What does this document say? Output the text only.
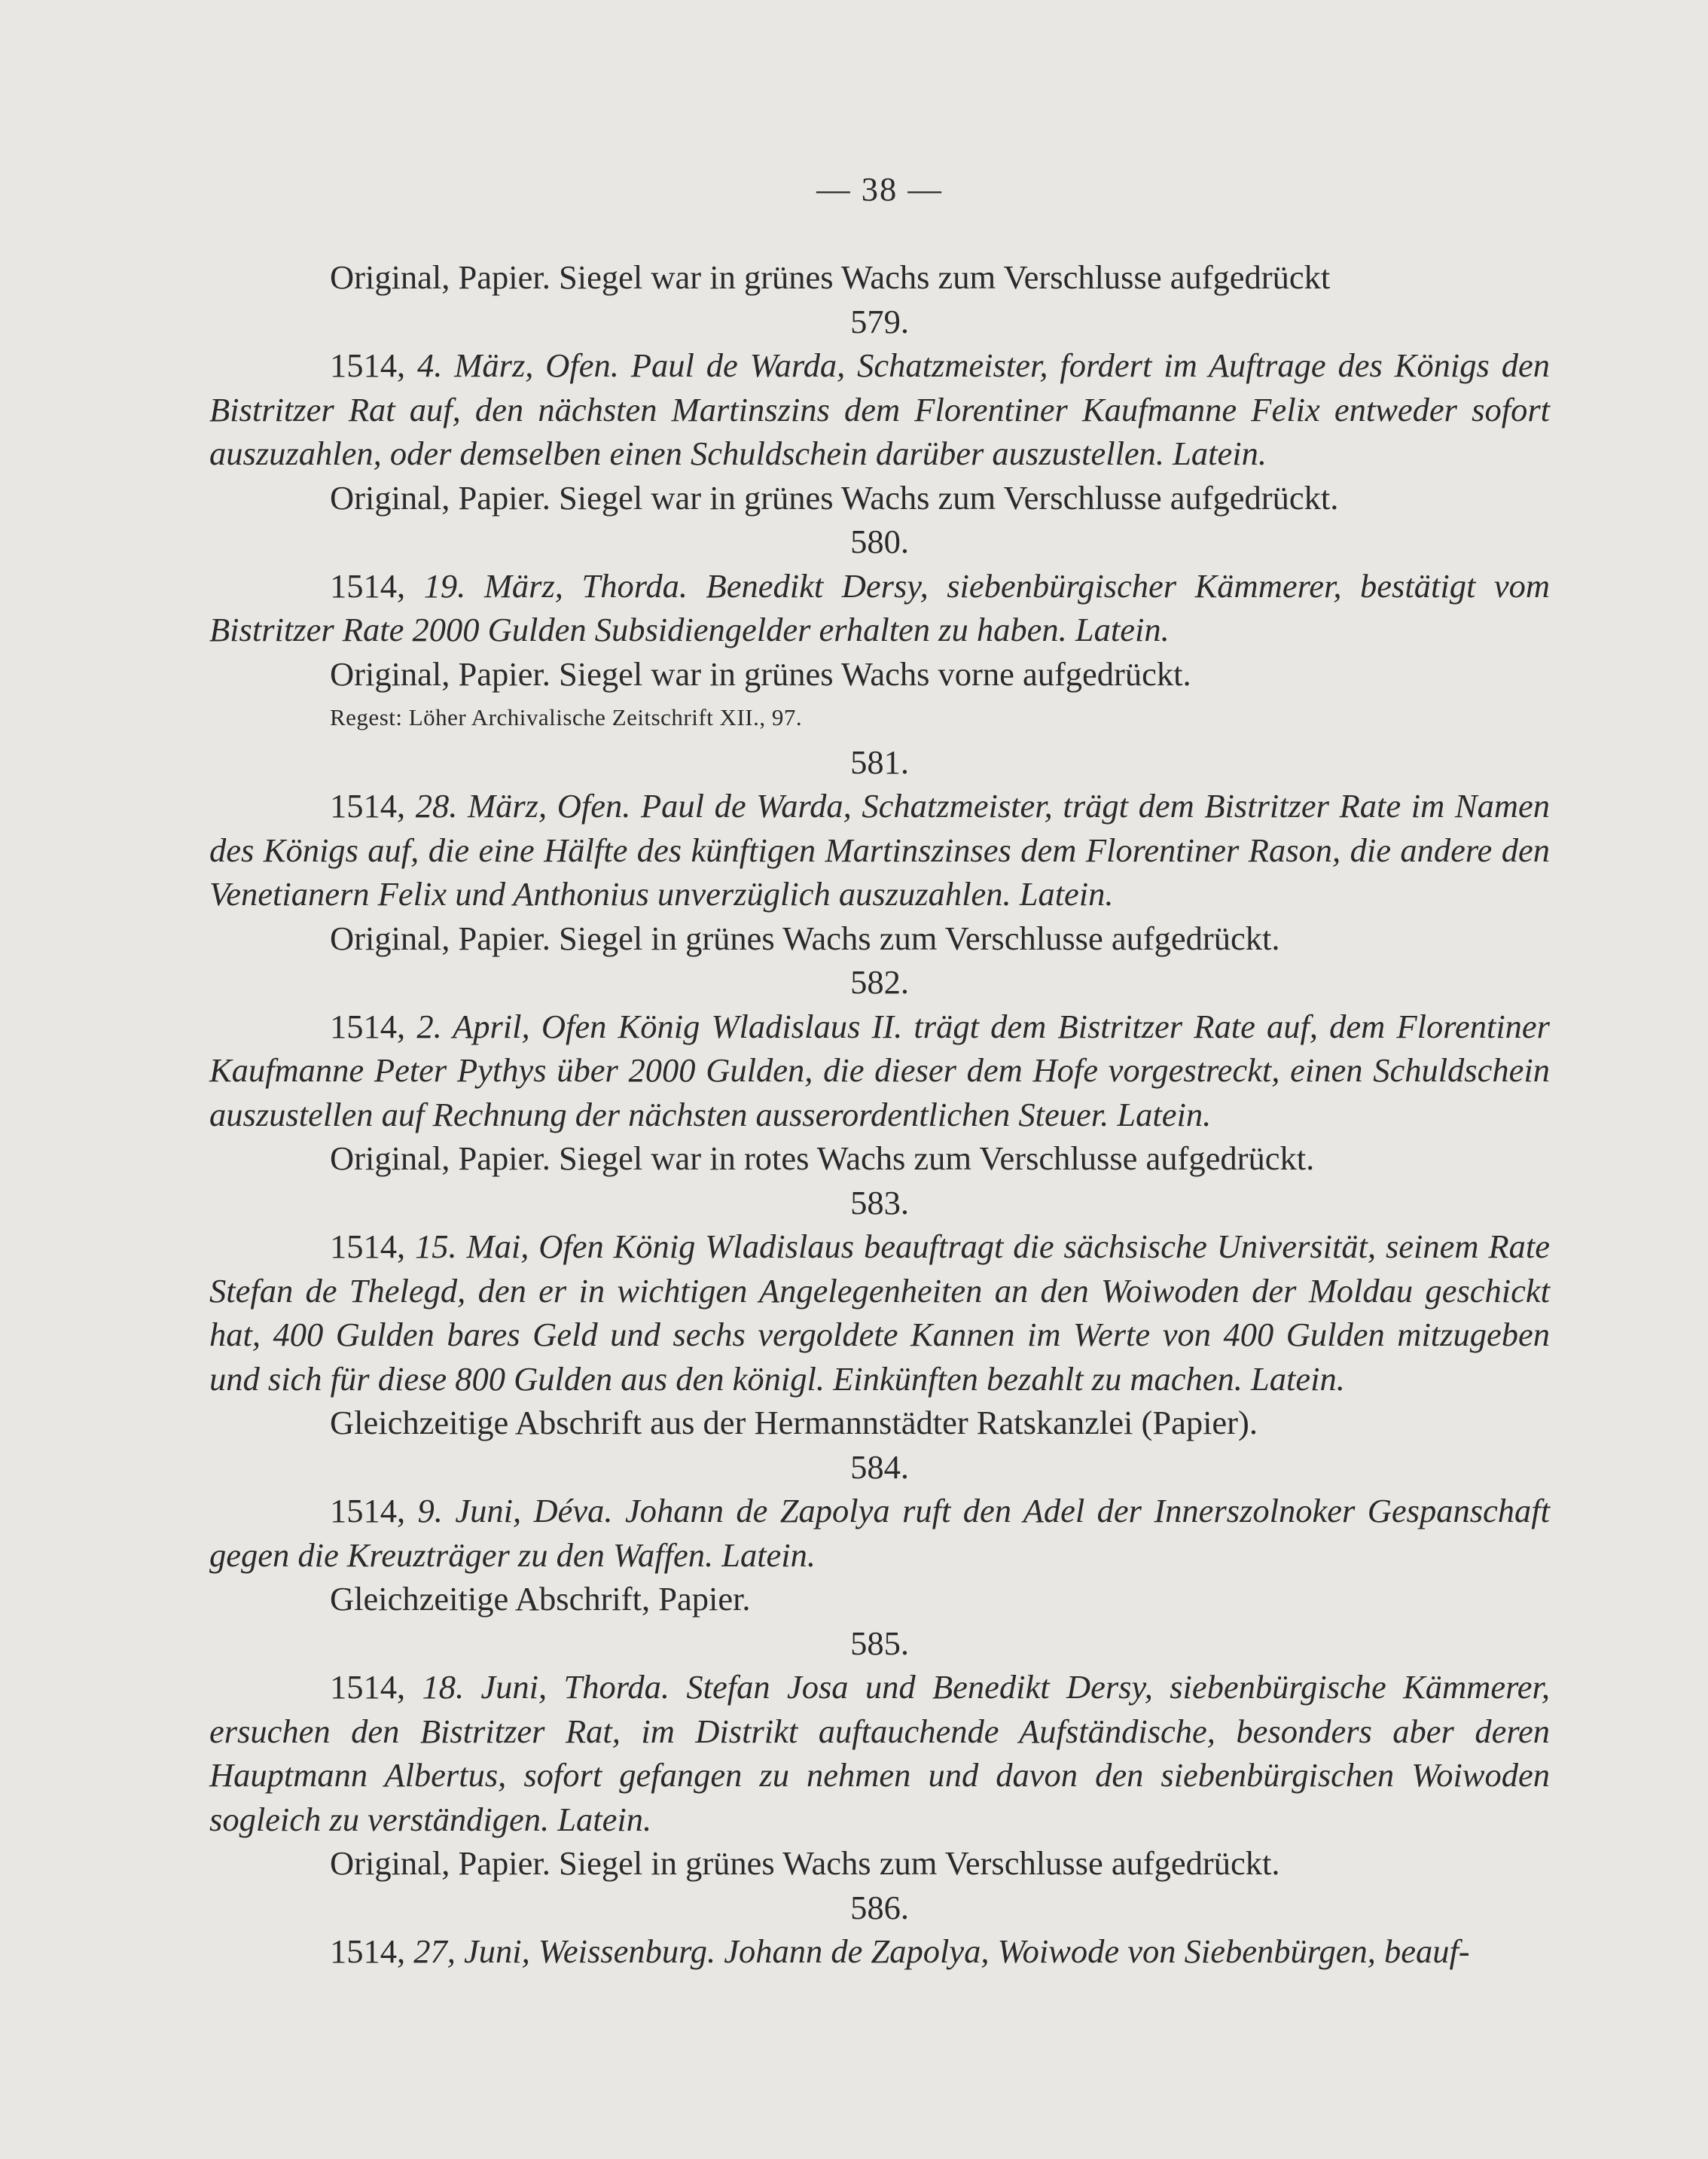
— 38 —
Original, Papier. Siegel war in grünes Wachs zum Verschlusse aufgedrückt
579.
1514, 4. März, Ofen. Paul de Warda, Schatzmeister, fordert im Auftrage des Königs den Bistritzer Rat auf, den nächsten Martinszins dem Florentiner Kaufmanne Felix entweder sofort auszuzahlen, oder demselben einen Schuldschein darüber auszustellen. Latein.
Original, Papier. Siegel war in grünes Wachs zum Verschlusse aufgedrückt.
580.
1514, 19. März, Thorda. Benedikt Dersy, siebenbürgischer Kämmerer, bestätigt vom Bistritzer Rate 2000 Gulden Subsidiengelder erhalten zu haben. Latein.
Original, Papier. Siegel war in grünes Wachs vorne aufgedrückt.
Regest: Löher Archivalische Zeitschrift XII., 97.
581.
1514, 28. März, Ofen. Paul de Warda, Schatzmeister, trägt dem Bistritzer Rate im Namen des Königs auf, die eine Hälfte des künftigen Martinszinses dem Florentiner Rason, die andere den Venetianern Felix und Anthonius unverzüglich auszuzahlen. Latein.
Original, Papier. Siegel in grünes Wachs zum Verschlusse aufgedrückt.
582.
1514, 2. April, Ofen König Wladislaus II. trägt dem Bistritzer Rate auf, dem Florentiner Kaufmanne Peter Pythys über 2000 Gulden, die dieser dem Hofe vorgestreckt, einen Schuldschein auszustellen auf Rechnung der nächsten ausserordentlichen Steuer. Latein.
Original, Papier. Siegel war in rotes Wachs zum Verschlusse aufgedrückt.
583.
1514, 15. Mai, Ofen König Wladislaus beauftragt die sächsische Universität, seinem Rate Stefan de Thelegd, den er in wichtigen Angelegenheiten an den Woiwoden der Moldau geschickt hat, 400 Gulden bares Geld und sechs vergoldete Kannen im Werte von 400 Gulden mitzugeben und sich für diese 800 Gulden aus den königl. Einkünften bezahlt zu machen. Latein.
Gleichzeitige Abschrift aus der Hermannstädter Ratskanzlei (Papier).
584.
1514, 9. Juni, Déva. Johann de Zapolya ruft den Adel der Innerszolnoker Gespanschaft gegen die Kreuzträger zu den Waffen. Latein.
Gleichzeitige Abschrift, Papier.
585.
1514, 18. Juni, Thorda. Stefan Josa und Benedikt Dersy, siebenbürgische Kämmerer, ersuchen den Bistritzer Rat, im Distrikt auftauchende Aufständische, besonders aber deren Hauptmann Albertus, sofort gefangen zu nehmen und davon den siebenbürgischen Woiwoden sogleich zu verständigen. Latein.
Original, Papier. Siegel in grünes Wachs zum Verschlusse aufgedrückt.
586.
1514, 27, Juni, Weissenburg. Johann de Zapolya, Woiwode von Siebenbürgen, beauf-
